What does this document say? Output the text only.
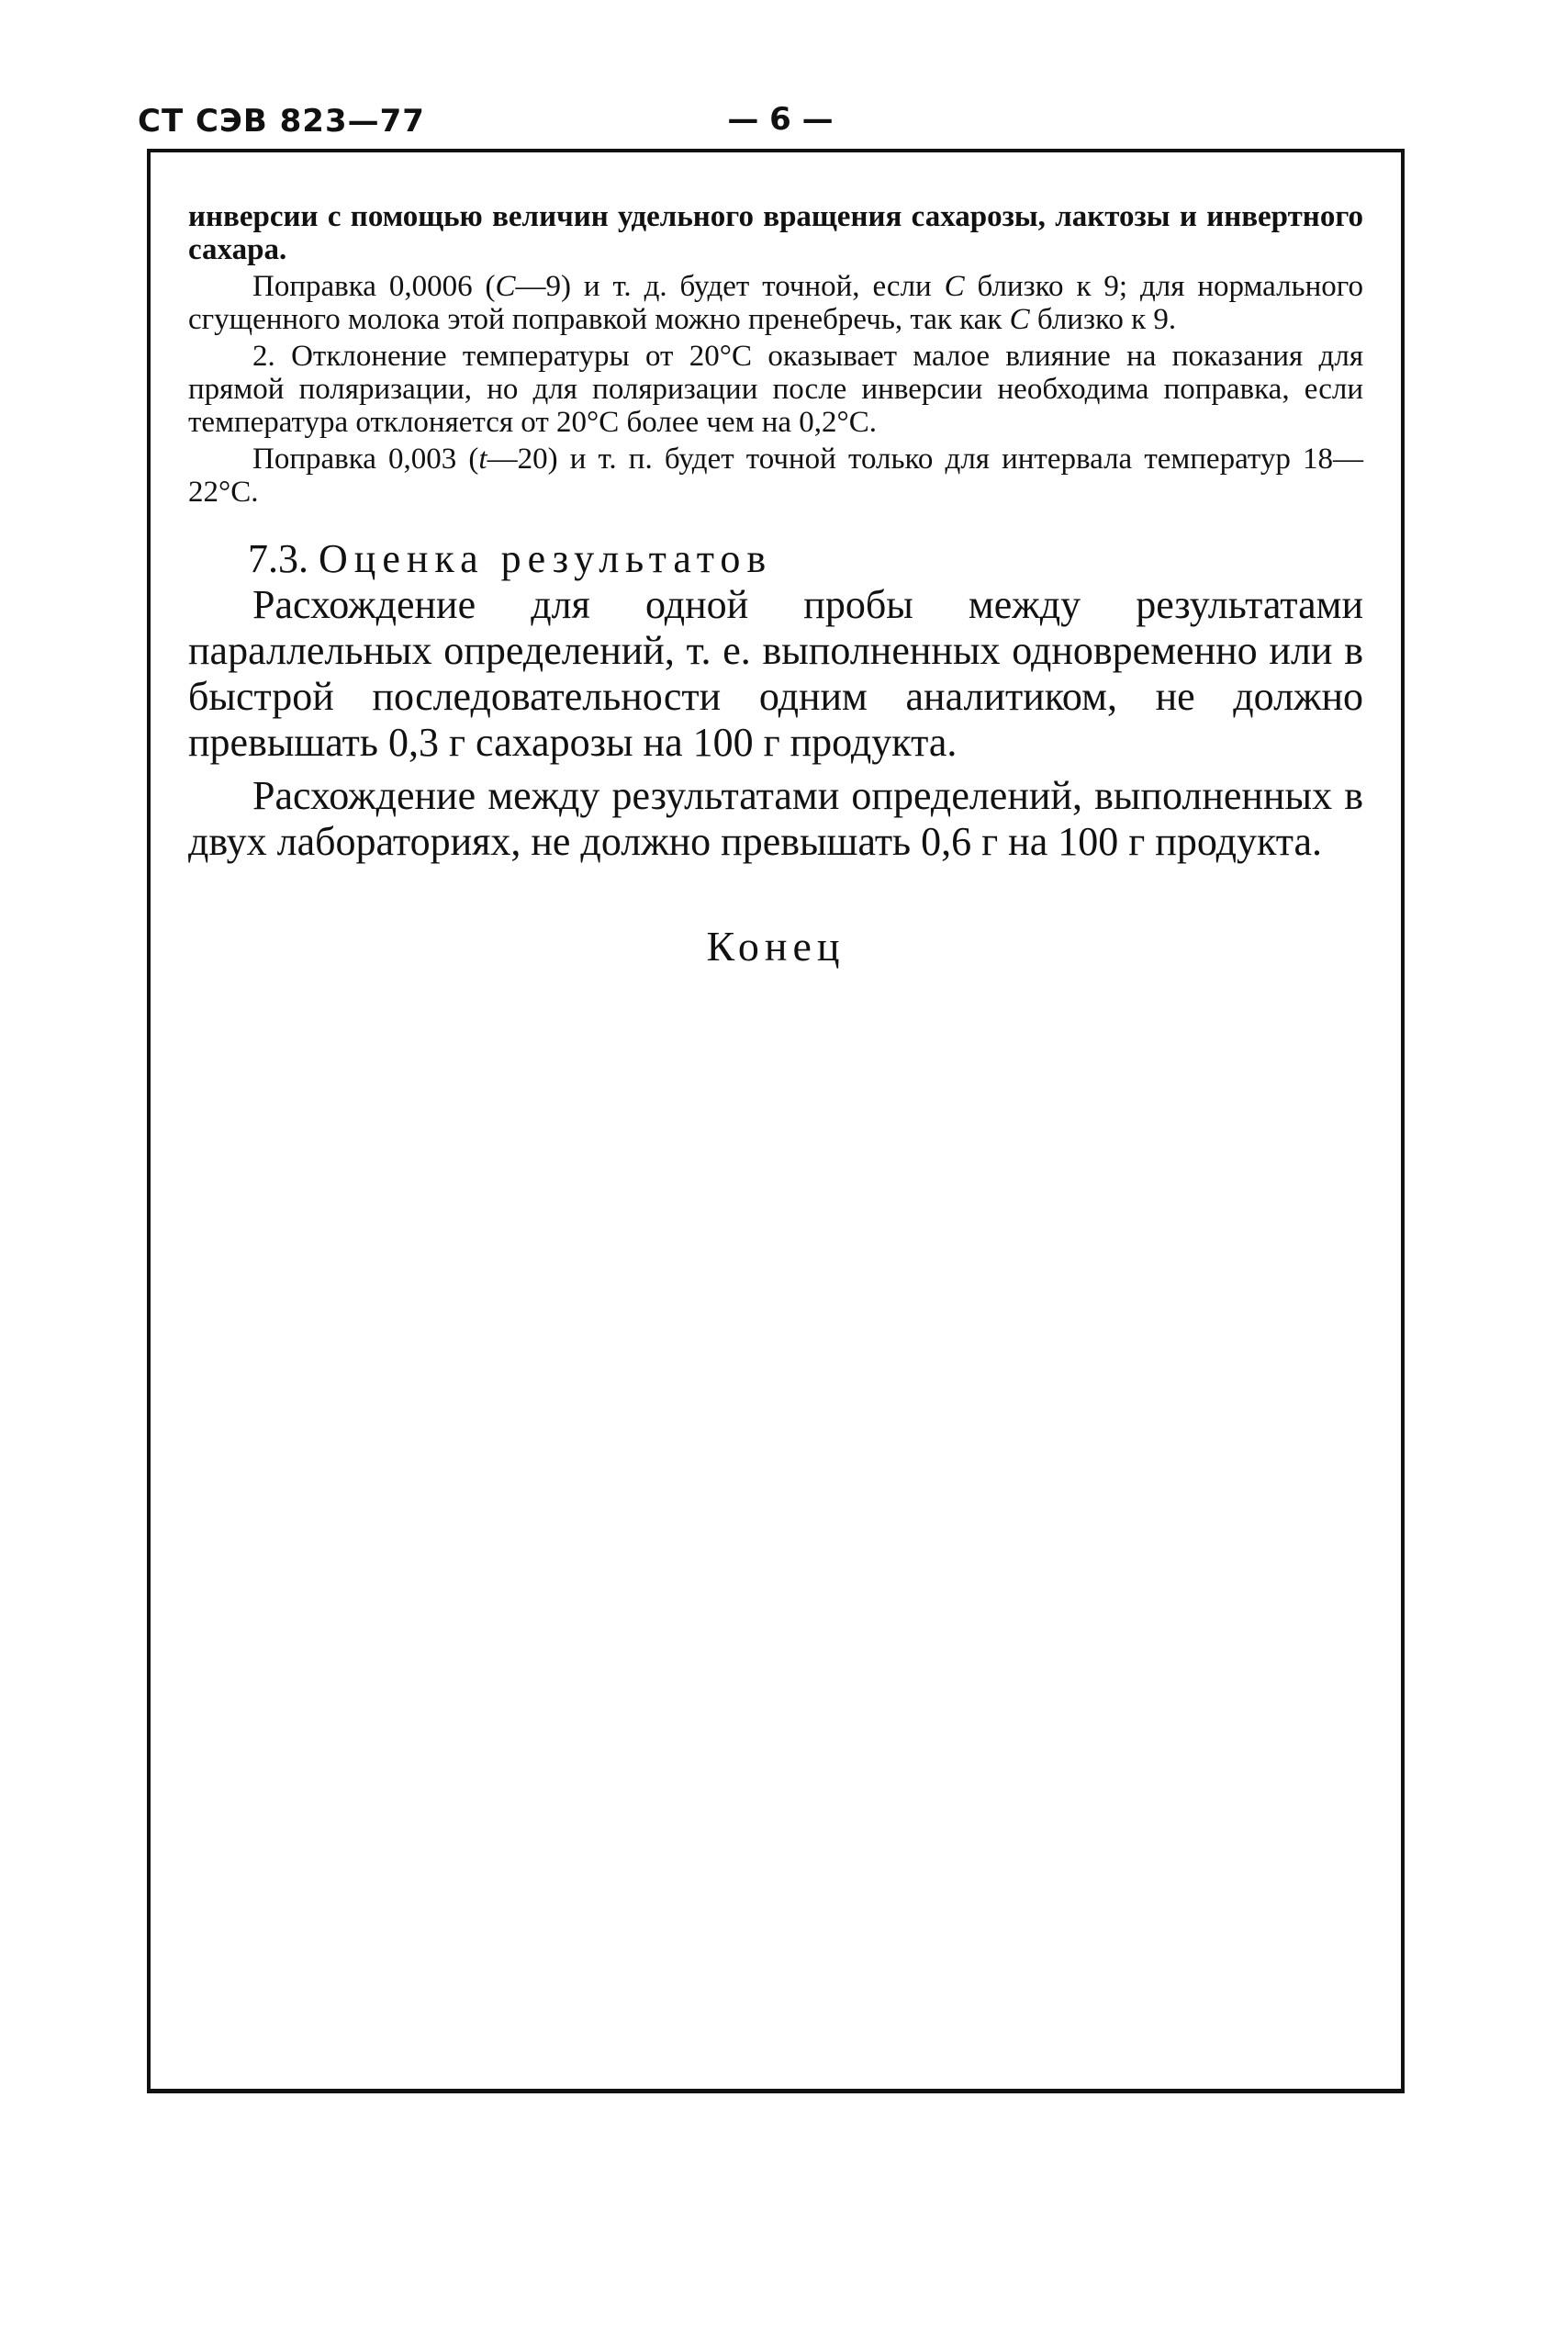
СТ СЭВ 823—77	— 6 —

инверсии с помощью величин удельного вращения сахарозы, лактозы и инвертного сахара.

Поправка 0,0006 (С—9) и т. д. будет точной, если С близко к 9; для нормального сгущенного молока этой поправкой можно пренебречь, так как С близко к 9.

2. Отклонение температуры от 20°С оказывает малое влияние на показания для прямой поляризации, но для поляризации после инверсии необходима поправка, если температура отклоняется от 20°С более чем на 0,2°С.

Поправка 0,003 (t—20) и т. п. будет точной только для интервала температур 18—22°С.

7.3. Оценка результатов

Расхождение для одной пробы между результатами параллельных определений, т. е. выполненных одновременно или в быстрой последовательности одним аналитиком, не должно превышать 0,3 г сахарозы на 100 г продукта.

Расхождение между результатами определений, выполненных в двух лабораториях, не должно превышать 0,6 г на 100 г продукта.

Конец
